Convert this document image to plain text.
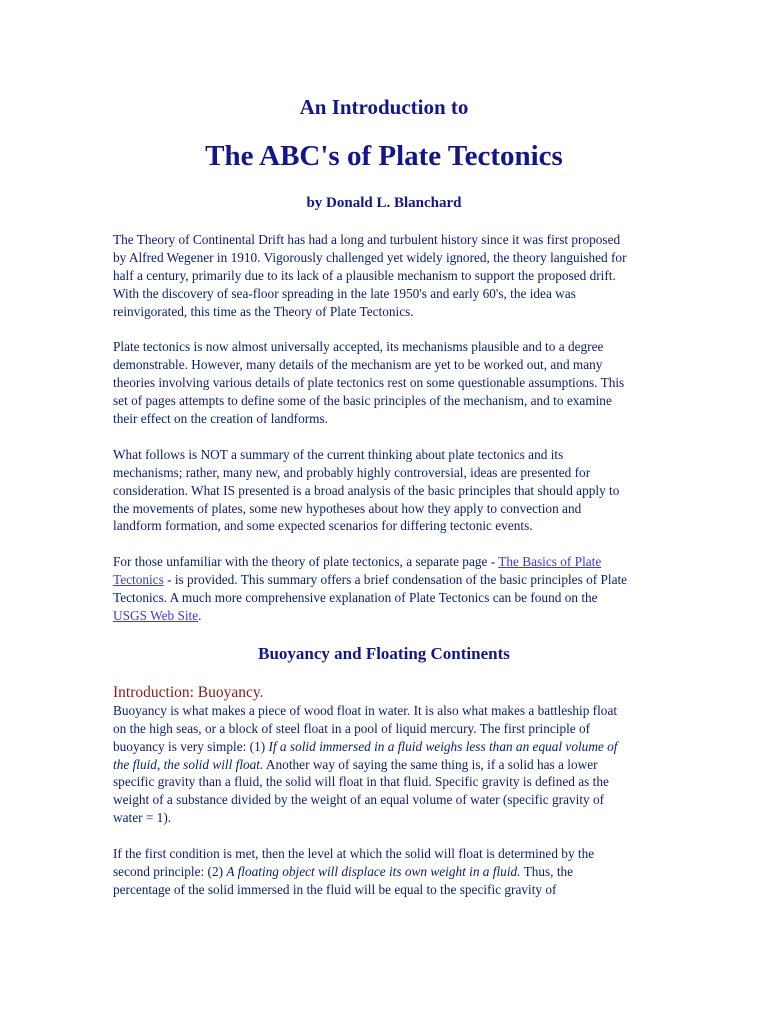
An Introduction to
The ABC's of Plate Tectonics
by Donald L. Blanchard

The Theory of Continental Drift has had a long and turbulent history since it was first proposed by Alfred Wegener in 1910. Vigorously challenged yet widely ignored, the theory languished for half a century, primarily due to its lack of a plausible mechanism to support the proposed drift. With the discovery of sea-floor spreading in the late 1950's and early 60's, the idea was reinvigorated, this time as the Theory of Plate Tectonics.

Plate tectonics is now almost universally accepted, its mechanisms plausible and to a degree demonstrable. However, many details of the mechanism are yet to be worked out, and many theories involving various details of plate tectonics rest on some questionable assumptions. This set of pages attempts to define some of the basic principles of the mechanism, and to examine their effect on the creation of landforms.

What follows is NOT a summary of the current thinking about plate tectonics and its mechanisms; rather, many new, and probably highly controversial, ideas are presented for consideration. What IS presented is a broad analysis of the basic principles that should apply to the movements of plates, some new hypotheses about how they apply to convection and landform formation, and some expected scenarios for differing tectonic events.

For those unfamiliar with the theory of plate tectonics, a separate page - The Basics of Plate Tectonics - is provided. This summary offers a brief condensation of the basic principles of Plate Tectonics. A much more comprehensive explanation of Plate Tectonics can be found on the USGS Web Site.

Buoyancy and Floating Continents
Introduction: Buoyancy.

Buoyancy is what makes a piece of wood float in water. It is also what makes a battleship float on the high seas, or a block of steel float in a pool of liquid mercury. The first principle of buoyancy is very simple: (1) If a solid immersed in a fluid weighs less than an equal volume of the fluid, the solid will float. Another way of saying the same thing is, if a solid has a lower specific gravity than a fluid, the solid will float in that fluid. Specific gravity is defined as the weight of a substance divided by the weight of an equal volume of water (specific gravity of water = 1).

If the first condition is met, then the level at which the solid will float is determined by the second principle: (2) A floating object will displace its own weight in a fluid. Thus, the percentage of the solid immersed in the fluid will be equal to the specific gravity of
